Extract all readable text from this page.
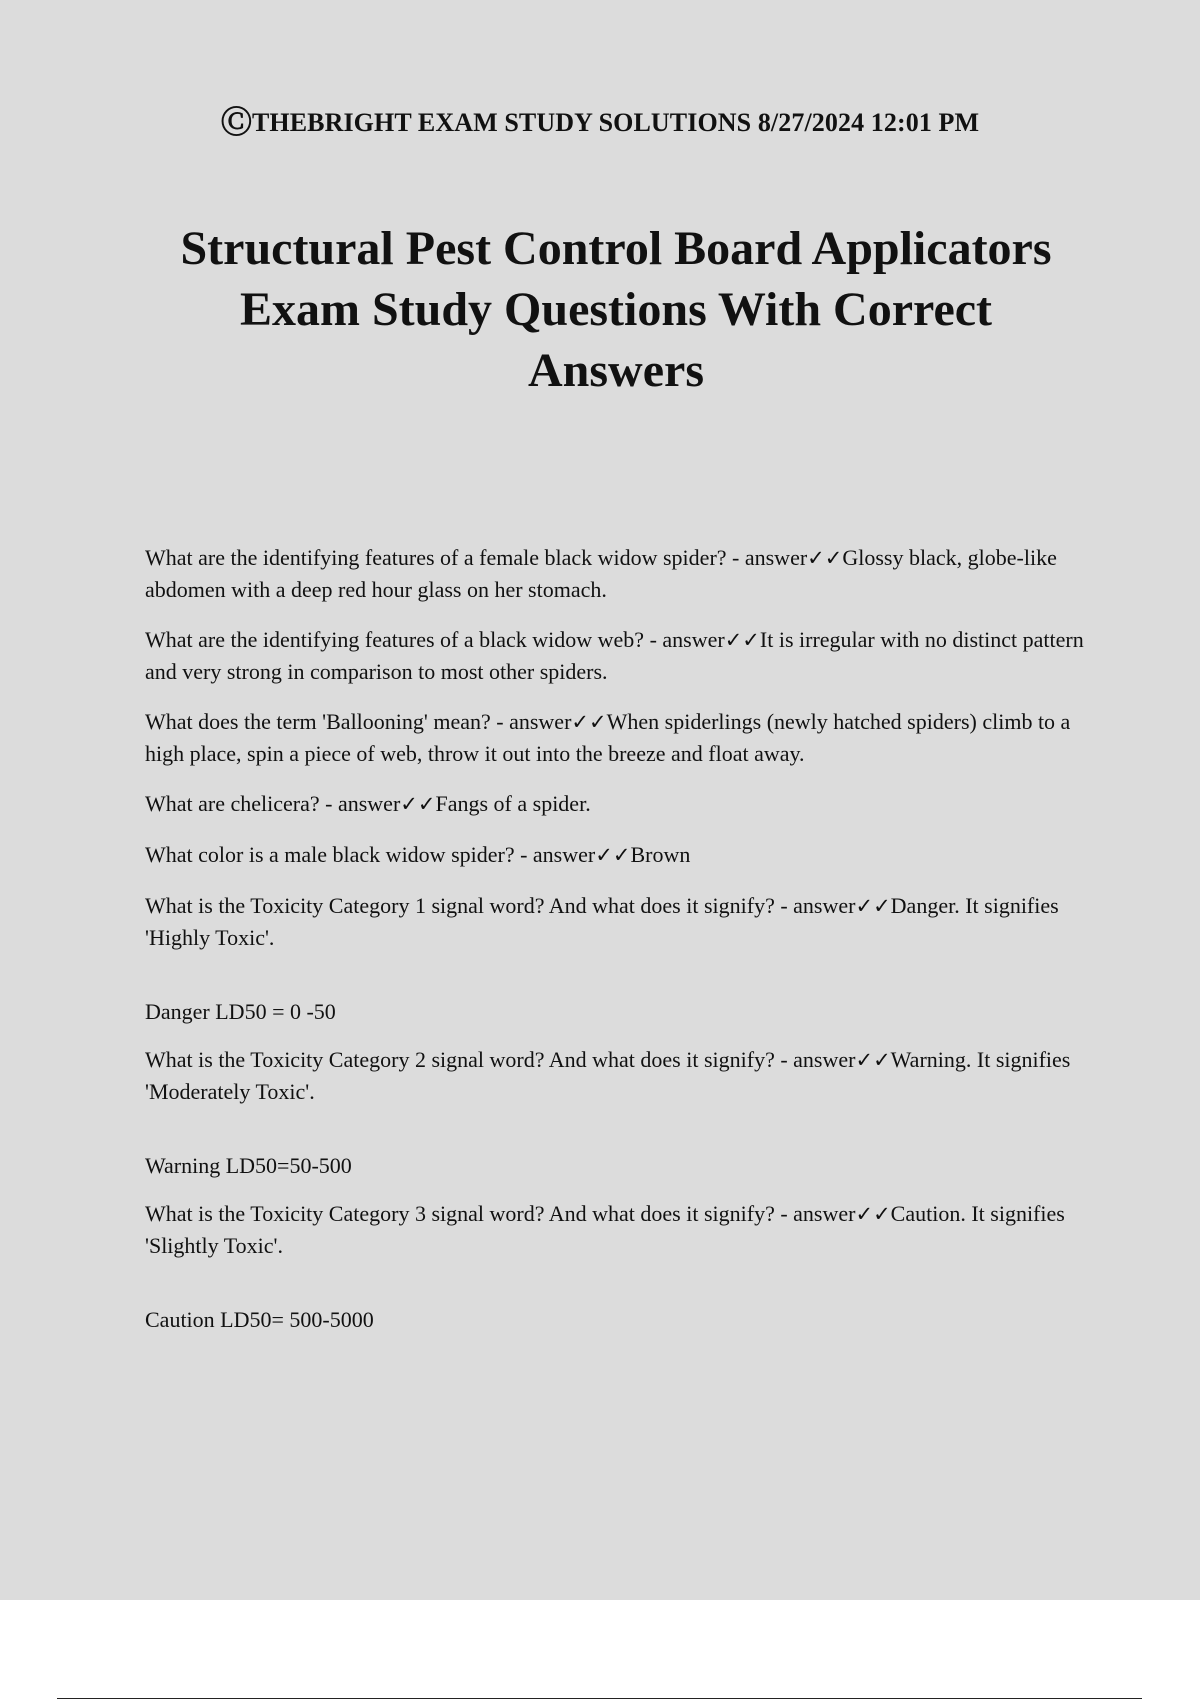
ⒸTHEBRIGHT EXAM STUDY SOLUTIONS 8/27/2024 12:01 PM
Structural Pest Control Board Applicators Exam Study Questions With Correct Answers

What are the identifying features of a female black widow spider? - answer✓✓Glossy black, globe-like abdomen with a deep red hour glass on her stomach.

What are the identifying features of a black widow web? - answer✓✓It is irregular with no distinct pattern and very strong in comparison to most other spiders.

What does the term 'Ballooning' mean? - answer✓✓When spiderlings (newly hatched spiders) climb to a high place, spin a piece of web, throw it out into the breeze and float away.

What are chelicera? - answer✓✓Fangs of a spider.

What color is a male black widow spider? - answer✓✓Brown

What is the Toxicity Category 1 signal word? And what does it signify? - answer✓✓Danger. It signifies 'Highly Toxic'.

Danger LD50 = 0 -50

What is the Toxicity Category 2 signal word? And what does it signify? - answer✓✓Warning. It signifies 'Moderately Toxic'.

Warning LD50=50-500

What is the Toxicity Category 3 signal word? And what does it signify? - answer✓✓Caution. It signifies 'Slightly Toxic'.

Caution LD50= 500-5000
